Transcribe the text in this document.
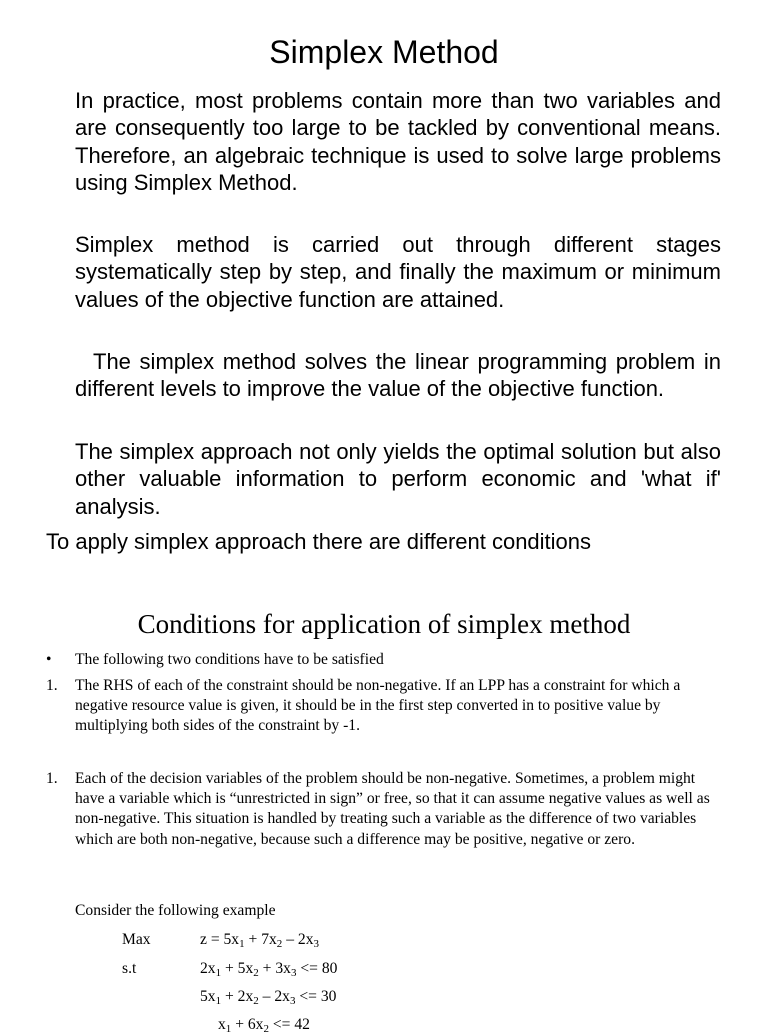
Simplex Method

In practice, most problems contain more than two variables and are consequently too large to be tackled by conventional means. Therefore, an algebraic technique is used to solve large problems using Simplex Method.

Simplex method is carried out through different stages systematically step by step, and finally the maximum or minimum values of the objective function are attained.

The simplex method solves the linear programming problem in different levels to improve the value of the objective function.

The simplex approach not only yields the optimal solution but also other valuable information to perform economic and 'what if' analysis.

To apply simplex approach there are different conditions
Conditions for application of simplex method
•	The following two conditions have to be satisfied
1.	The RHS of each of the constraint should be non-negative. If an LPP has a constraint for which a negative resource value is given, it should be in the first step converted in to positive value by multiplying both sides of the constraint by -1.
1.	Each of the decision variables of the problem should be non-negative. Sometimes, a problem might have a variable which is “unrestricted in sign” or free, so that it can assume negative values as well as non-negative. This situation is handled by treating such a variable as the difference of two variables which are both non-negative, because such a difference may be positive, negative or zero.
Consider the following example
Max	$z = 5x_1 + 7x_2 - 2x_3$
s.t	$2x_1 + 5x_2 + 3x_3 <= 80$
$5x_1 + 2x_2 - 2x_3 <= 30$
$x_1 + 6x_2 <= 42$
